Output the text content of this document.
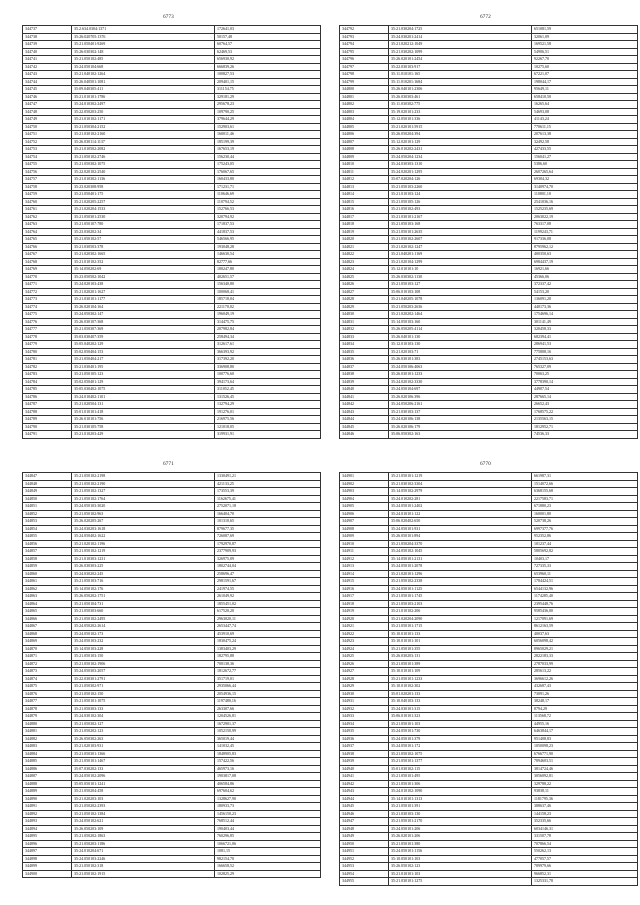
6773
344737	35.2.634.0304:1371	172641,03
344738	35:26:020705:1376	50157,48
344739	35:21.050401:9269	60764,57
344740	35:26:030302:148	62469,53
344741	35:21.050102:485	656930,92
344742	35:24.050104:668	666839,26
344743	35:21.040102:1264	100827,53
344744	35:26.040501:1081	209401,15
344745	35:09.040305:411	311154,75
344746	35:21.010101:1786	329181,29
344747	35:24.010302:2497	295678,23
344748	35:22.050203:250	109790,25
344749	35:21.010102:1171	379644,29
344750	35:21.050304:2152	152903,61
344751	35:21.030102:2160	160011,46
344752	35:26.030114:1137	185199,39
344753	35:21.010502:2082	167653,19
344754	35:21.050102:2746	156230,44
344755	35:21.050302:1075	175243,05
344756	35:22.020102:2540	176067,65
344757	35:21.010302:1136	160433,80
344758	35:23.020308:958	171231,71
344759	35:21.050401:175	110646,69
344760	35:21.020205:2257	110794,52
344761	35:21.020204:1533	152766,53
344762	35:21.050301:2530	320794,92
344763	35:21.050107:780	171837,53
344764	35:23.030202:34	441837,53
344765	35:21.050102:57	546566,95
344766	35:21.030503:378	193048,28
344767	35:21.020302:1665	146630,54
344768	35:21.010102:352	82777,66
344769	35:14.050202:69	100247,80
344770	35:23.050502:1042	402651,57
344771	35:24.020103:438	156340,80
344772	35:21.020201:1627	100068,41
344773	35:21.030101:1177	185718,04
344774	35:26.020104:164	221170,02
344775	35:24.050302:147	196049,19
344776	35:26.030107:368	314475,75
344777	35:21.050307:369	207982,84
344778	35:03.030407:359	258494,34
344779	35:05.040202:129	312617,61
344780	35:02.050404:153	366393,92
344781	35:21.050404:217	317392,20
344782	35:21.030401:195	336908,80
344783	35:21.050105:123	100776,60
344784	35:02.050401:129	394173,64
344785	35:05.030402:1075	311052,45
344786	35:24.010402:1101	131526,45
344787	35:21.020504:131	132794,29
344788	35:01.010101:418	191276,01
344789	35:26.010101:756	216975,56
344790	35:21.030105:758	121018,05
344791	35:21.010203:429	319931,91
6772
344792	35:21.030204:1725	651081,59
344793	35:24.030201:2414	32061,09
344794	35:21.020212:1049	169521,58
344795	35:21.030202:1099	54906,51
344796	35:26.020101:2454	92267,70
344797	35:22.030103:917	10275,60
344798	35:11.010101:165	67221,07
344799	35:11.010201:1684	198044,17
344800	35:26.040101:2306	95649,11
344801	35:26.030303:461	658410,50
344802	35:11.030302:775	16265,64
344803	35:19.020101:233	54693,08
344804	35:12.050101:336	41143,24
344805	35:21.020101:5915	770611,15
344806	35:26.050204:394	207613,38
344807	35:12.020101:129	32492,58
344808	35:26.010202:2431	427433,55
344809	35:24.050204:1234	156041,27
344810	35:24.030303:1310	5386,60
344811	35:24.020201:1295	2607265,64
344812	35:07.020204:126	69304,32
344813	35:21.050103:2260	3140974,70
344814	35:21.010103:124	110801,10
344815	35:21.050105:126	2541036,16
344816	35:21.050102:493	1525235,69
344817	35:21.030101:2167	2063022,19
344818	35:21.050103:168	763317,08
344819	35:21.050101:2635	1199243,71
344820	35:21.050102:2607	917336,08
344821	35:21.020102:1247	8795962,12
344822	35:21.040201:1169	400350,63
344823	35:21.020104:1299	6984437,19
344824	35:12.010101:10	16921,66
344825	35:26.030302:1130	45366,06
344826	35:21.050103:127	372337,42
344827	35:06.010103:108	54153,20
344828	35:21.040205:1078	136091,20
344829	35:21.050203:2636	440173,36
344830	35:21.020202:1464	1754696,14
344831	35:14.050103:160	301141,49
344832	35:26.050205:4114	320458,33
344833	35:26.040101:130	682394,41
344834	35:12.010103:130	286941,53
344835	35:21.020103:71	775808,16
344836	35:26.030101:383	2745153,63
344837	35:24.050106:4063	765327,09
344838	35:26.030101:1233	70063,25
344839	35:24.020102:3330	3778390,14
344840	35:24.050104:697	44907,54
344841	35:26.020106:396	287665,14
344842	35:24.050206:2161	26652,43
344843	35:21.030103:137	1768575,22
344844	35:24.020106:138	2135563,15
344845	35:26.020106:179	1812952,71
344846	35:06.050302:163	74536,33
6771
344847	35:21.050102:2198	1330491,21
344848	35:21.050102:2190	421133,25
344849	35:21.050102:1327	173553,39
344850	35:21.050102:1764	1162675,41
344851	35:24.050103:3020	2752071,18
344852	35:21.050102:963	166404,70
344853	35:26.020205:267	101310,65
344854	35:24.030203:1618	879677,35
344855	35:24.050402:1622	726087,69
344856	35:21.020102:1196	1792970,87
344857	35:21.050102:1219	2377909,93
344858	35:21.010303:1231	326975,09
344859	35:26.030303:225	1802744,04
344860	35:24.030202:245	258696,47
344861	35:21.050103:716	2981591,67
344862	35:14.050102:176	241974,55
344863	35:26.050202:1751	261049,92
344864	35:21.050104:731	1855451,02
344865	35:21.050303:660	617520,20
344866	35:21.050102:2495	2963020,11
344867	35:24.050202:2614	2653447,74
344868	35:24.050102:173	453910,69
344869	35:24.050103:232	1830475,24
344870	35:14.050103:228	1383403,29
344871	35:21.050103:150	182795,88
344872	35:21.050102:1906	700138,36
344873	35:24.050303:2057	1812672,77
344874	35:22.030301:2791	351719,01
344875	35:21.050302:971	2935066,44
344876	35:21.050102:150	2054936,15
344877	35:21.050101:1075	1197480,16
344878	35:21.050303:133	263307,66
344879	35:24.030102:304	1204526,81
344880	35:21.050302:127	1672901,37
344881	35:21.050202:123	1052150,99
344882	35:26.050302:263	365019,44
344883	35:21.020103:931	141032,45
344884	35:21.050301:1366	1848905,83
344885	35:21.050101:1467	157422,56
344886	35:07.030202:133	465973,16
344887	35:24.050102:2096	1903817,08
344888	35:05.050101:1241	406584,86
344889	35:21.050204:458	697604,62
344890	35:21.020203:103	1328627,90
344891	35:21.050202:2393	180933,73
344892	35:21.050102:1384	1456150,23
344893	35:24.050102:621	768512,44
344894	35:26.050203:109	190403,44
344895	35:21.050202:1863	760296,85
344896	35:21.050203:1186	1066721,06
344897	35:24.010204:671	1081,15
344898	35:24.050103:2246	982154,70
344899	35:21.050102:318	166658,52
344900	35:21.050102:1915	102825,29
6770
344901	35:21.050101:1219	661987,31
344902	35:21.030102:3304	1514072,66
344903	35:14.050102:2979	6368155,68
344904	35:24.010202:281	2217583,71
344905	35:24.050101:2402	671880,23
344906	35:24.010101:122	160001,80
344907	35:06.020402:650	520738,26
344908	35:24.050101:931	6997377,76
344909	35:26.050101:894	952352,86
344910	35:21.050204:3370	101237,44
344911	35:24.050102:1045	5805692,82
344912	35:14.050101:2131	10403,17
344913	35:24.050101:2078	727335,33
344914	35:21.020101:1296	653960,11
344915	35:21.050102:2338	1784424,51
344916	35:24.050101:1125	6544132,96
344917	35:21.050101:1745	1174285,40
344918	35:21.050103:2103	2395448,76
344919	35:21.010102:206	9585436,00
344920	35:21.020204:2090	1217091,69
344921	35:21.050101:1715	8612163,59
344922	35:10.010101:133	40037,63
344923	35:10.010101:101	6056098,42
344924	35:21.050101:355	8965029,21
344925	35:26.030203:131	2822183,33
344926	35:21.050101:389	2787033,99
344927	35:10.010101:109	285613,22
344928	35:21.050101:1233	3696612,26
344929	35:10.010102:302	432687,43
344930	35:01.020201:133	73091,26
344931	35:10.040103:133	38248,17
344932	35:24.030101:315	8794,29
344933	35:06.010101:323	113568,72
344934	35:21.050101:103	44955,16
344935	35:24.050101:730	6463844,17
344936	35:24.050101:379	951408,83
344937	35:24.050101:172	1050098,23
344938	35:21.050102:1075	6766771,90
344939	35:21.050101:1377	7894603,51
344940	35:01.030102:115	3814724,46
344941	35:21.050101:495	3056092,81
344942	35:21.050101:306	329788,22
344943	35:24.010102:1090	93838,11
344944	35:14.010101:1313	1181795,36
344945	35:21.050101:391	388637,46
344946	35:21.030103:130	144158,23
344947	35:21.050101:2170	352335,66
344948	35:24.050101:206	6034146,31
344949	35:26.020101:206	331507,78
344950	35:21.050101:380	707866,54
344951	35:24.050101:1156	550262,13
344952	35:10.050101:103	477057,57
344953	35:26.050102:123	789979,66
344954	35:21.010101:103	966852,31
344955	35:21.030101:1275	1325331,78
